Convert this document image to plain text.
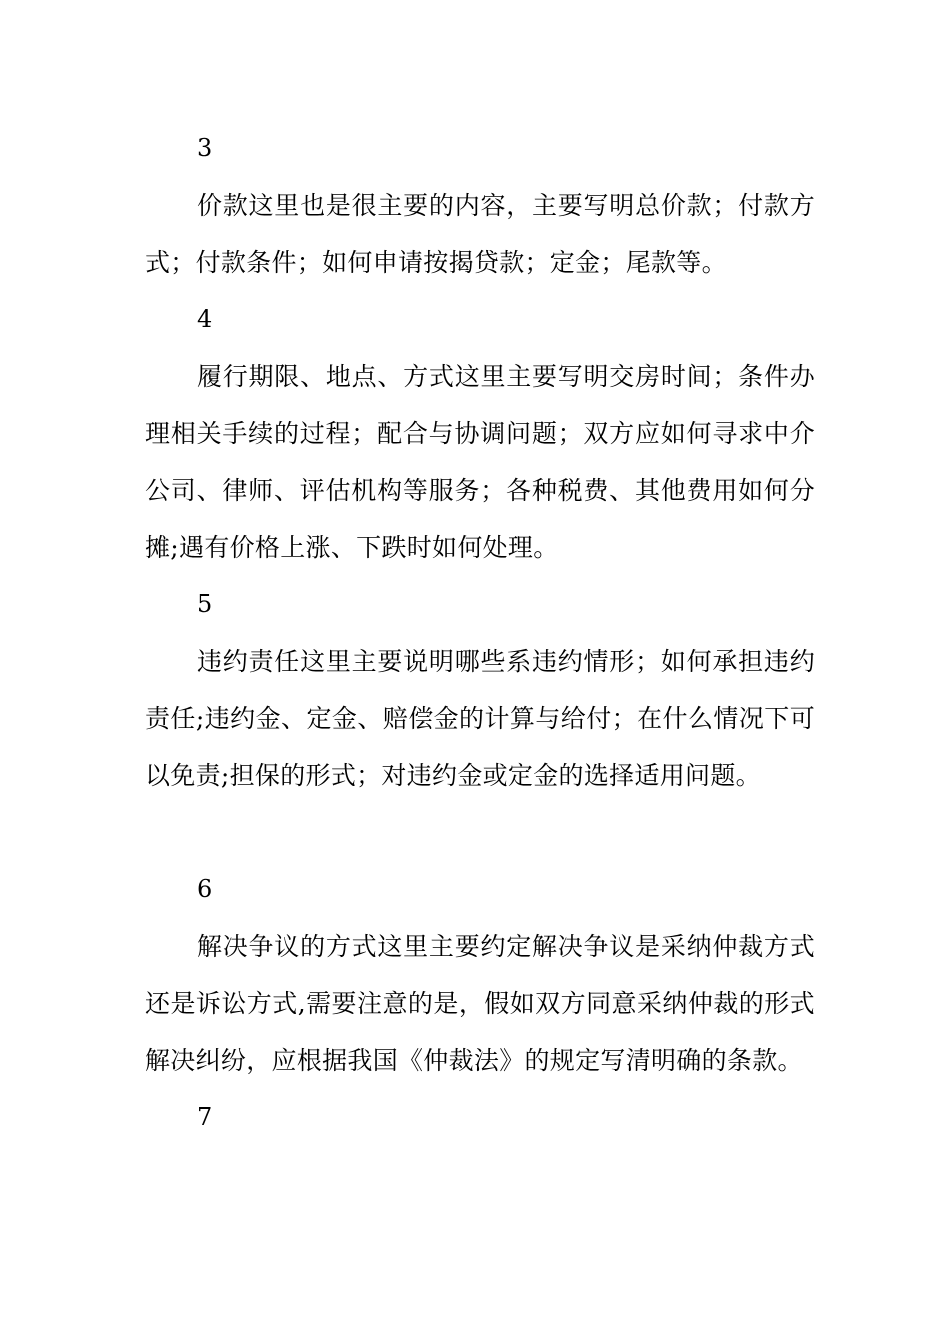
3

价款这里也是很主要的内容，主要写明总价款；付款方式；付款条件；如何申请按揭贷款；定金；尾款等。

4

履行期限、地点、方式这里主要写明交房时间；条件办理相关手续的过程；配合与协调问题；双方应如何寻求中介公司、律师、评估机构等服务；各种税费、其他费用如何分摊;遇有价格上涨、下跌时如何处理。

5

违约责任这里主要说明哪些系违约情形；如何承担违约责任;违约金、定金、赔偿金的计算与给付；在什么情况下可以免责;担保的形式；对违约金或定金的选择适用问题。

6

解决争议的方式这里主要约定解决争议是采纳仲裁方式还是诉讼方式,需要注意的是，假如双方同意采纳仲裁的形式解决纠纷，应根据我国《仲裁法》的规定写清明确的条款。

7
